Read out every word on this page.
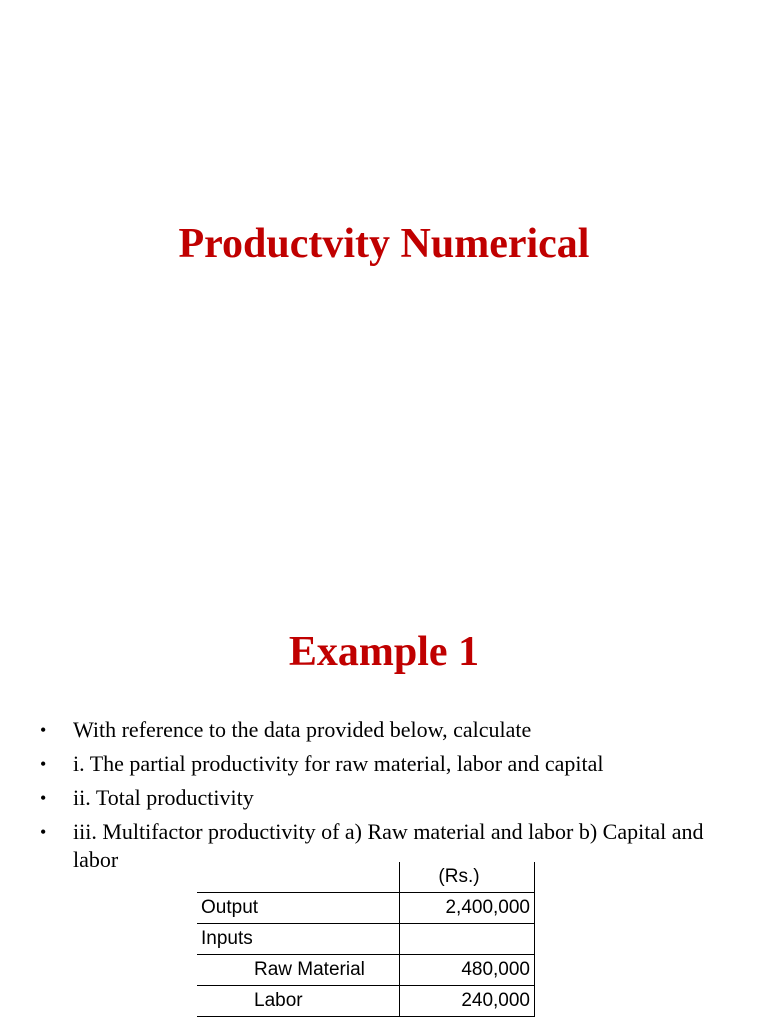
Productvity Numerical
Example 1
• With reference to the data provided below, calculate
• i. The partial productivity for raw material, labor and capital
• ii. Total productivity
• iii. Multifactor productivity of a) Raw material and labor b) Capital and labor
	(Rs.)
Output	2,400,000
Inputs	
Raw Material	480,000
Labor	240,000
